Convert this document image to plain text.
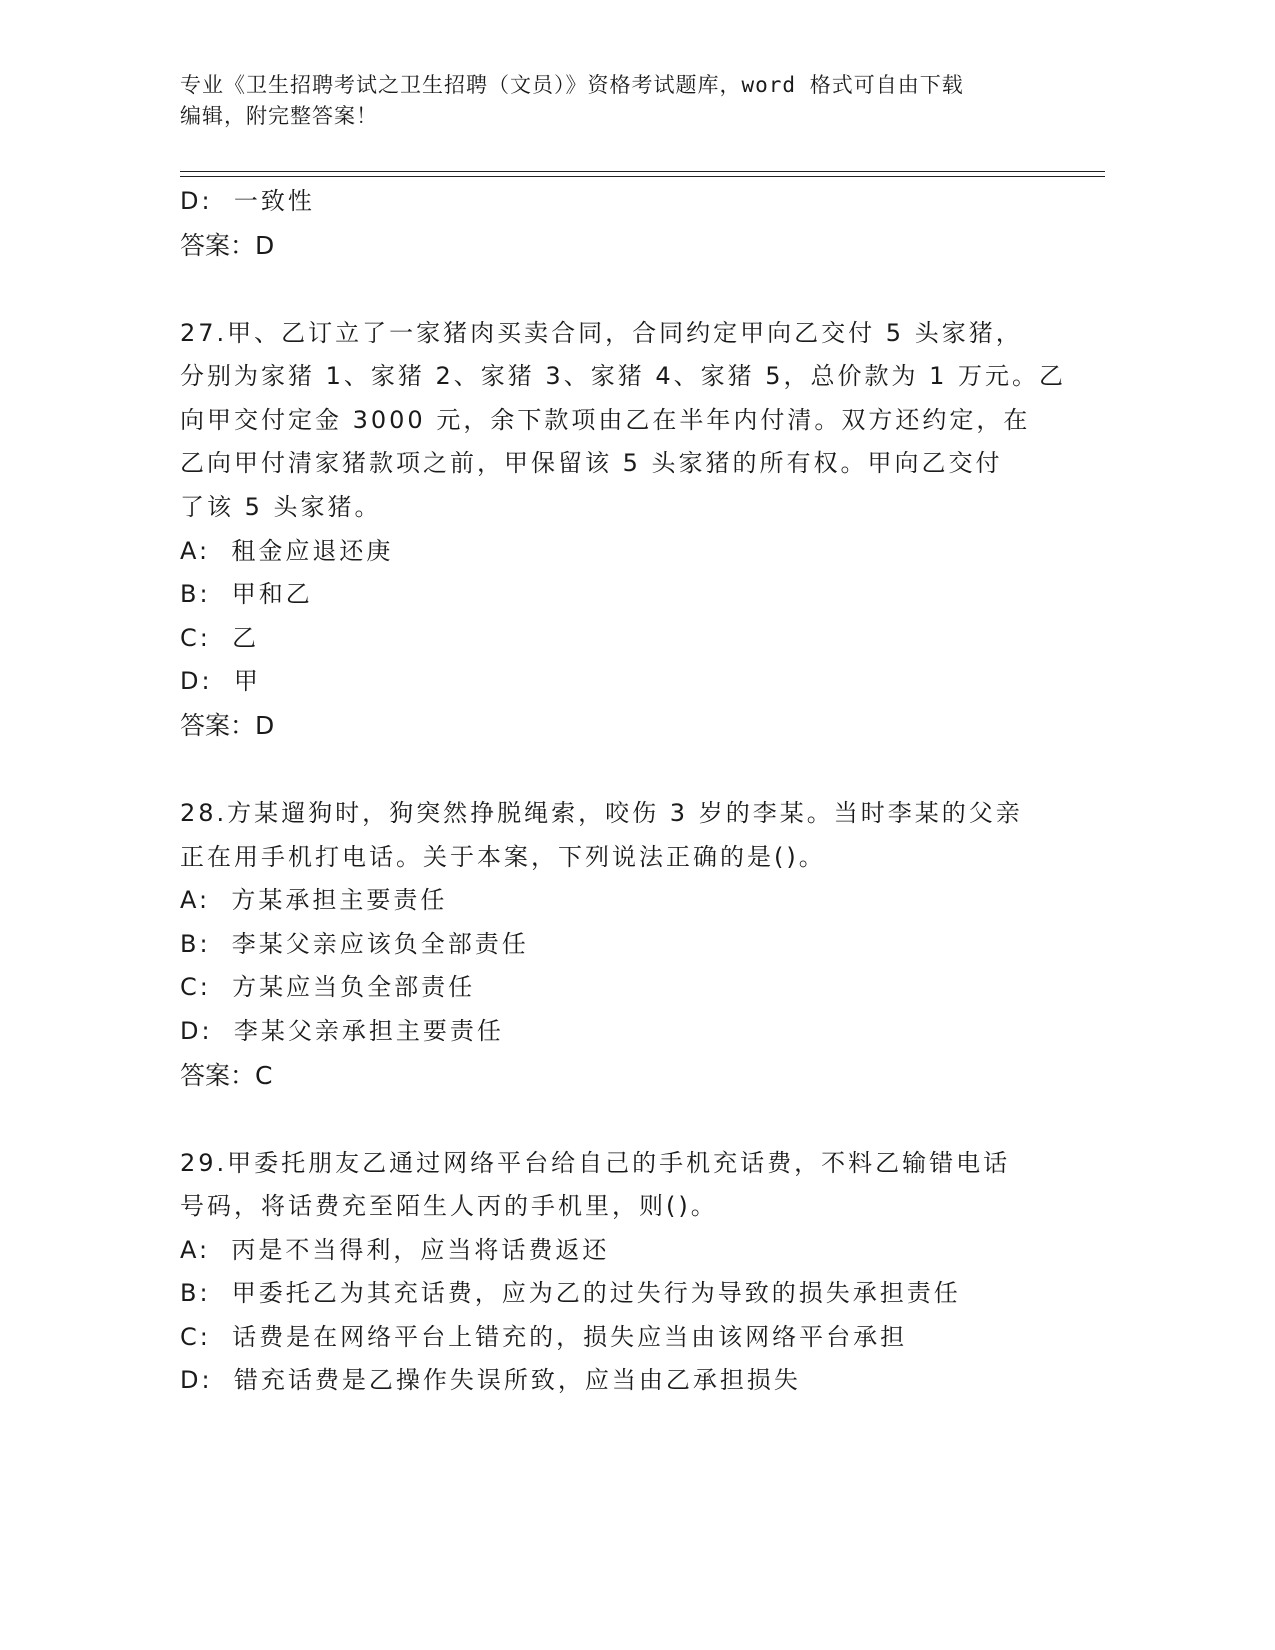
专业《卫生招聘考试之卫生招聘（文员）》资格考试题库，word 格式可自由下载
编辑，附完整答案！

D:  一致性

答案：D

27.甲、乙订立了一家猪肉买卖合同，合同约定甲向乙交付 5 头家猪，

分别为家猪 1、家猪 2、家猪 3、家猪 4、家猪 5，总价款为 1 万元。乙

向甲交付定金 3000 元，余下款项由乙在半年内付清。双方还约定，在

乙向甲付清家猪款项之前，甲保留该 5 头家猪的所有权。甲向乙交付

了该 5 头家猪。

A:  租金应退还庚

B:  甲和乙

C:  乙

D:  甲

答案：D

28.方某遛狗时，狗突然挣脱绳索，咬伤 3 岁的李某。当时李某的父亲

正在用手机打电话。关于本案，下列说法正确的是()。

A:  方某承担主要责任

B:  李某父亲应该负全部责任

C:  方某应当负全部责任

D:  李某父亲承担主要责任

答案：C

29.甲委托朋友乙通过网络平台给自己的手机充话费，不料乙输错电话

号码，将话费充至陌生人丙的手机里，则()。

A:  丙是不当得利，应当将话费返还

B:  甲委托乙为其充话费，应为乙的过失行为导致的损失承担责任

C:  话费是在网络平台上错充的，损失应当由该网络平台承担

D:  错充话费是乙操作失误所致，应当由乙承担损失
